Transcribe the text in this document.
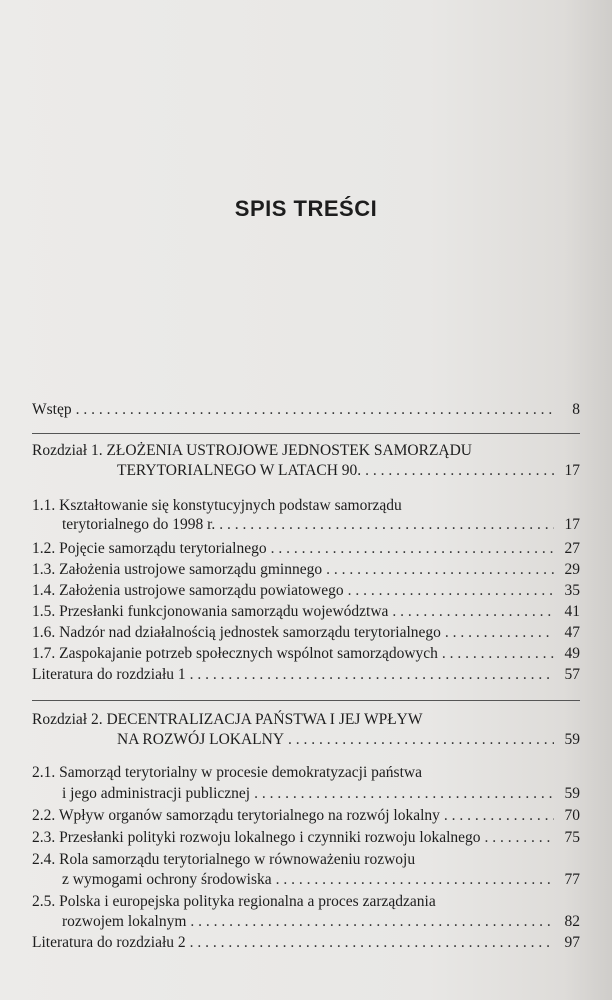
SPIS TREŚCI
Wstęp . . .	8
Rozdział 1. ZŁOŻENIA USTROJOWE JEDNOSTEK SAMORZĄDU
TERYTORIALNEGO W LATACH 90. . . .	17
1.1. Kształtowanie się konstytucyjnych podstaw samorządu
terytorialnego do 1998 r. . . .	17
1.2. Pojęcie samorządu terytorialnego . . .	27
1.3. Założenia ustrojowe samorządu gminnego . . .	29
1.4. Założenia ustrojowe samorządu powiatowego . . .	35
1.5. Przesłanki funkcjonowania samorządu województwa . . .	41
1.6. Nadzór nad działalnością jednostek samorządu terytorialnego . . .	47
1.7. Zaspokajanie potrzeb społecznych wspólnot samorządowych . . .	49
Literatura do rozdziału 1 . . .	57
Rozdział 2. DECENTRALIZACJA PAŃSTWA I JEJ WPŁYW
NA ROZWÓJ LOKALNY . . .	59
2.1. Samorząd terytorialny w procesie demokratyzacji państwa
i jego administracji publicznej . . .	59
2.2. Wpływ organów samorządu terytorialnego na rozwój lokalny . . .	70
2.3. Przesłanki polityki rozwoju lokalnego i czynniki rozwoju lokalnego . . .	75
2.4. Rola samorządu terytorialnego w równoważeniu rozwoju
z wymogami ochrony środowiska . . .	77
2.5. Polska i europejska polityka regionalna a proces zarządzania
rozwojem lokalnym . . .	82
Literatura do rozdziału 2 . . .	97
